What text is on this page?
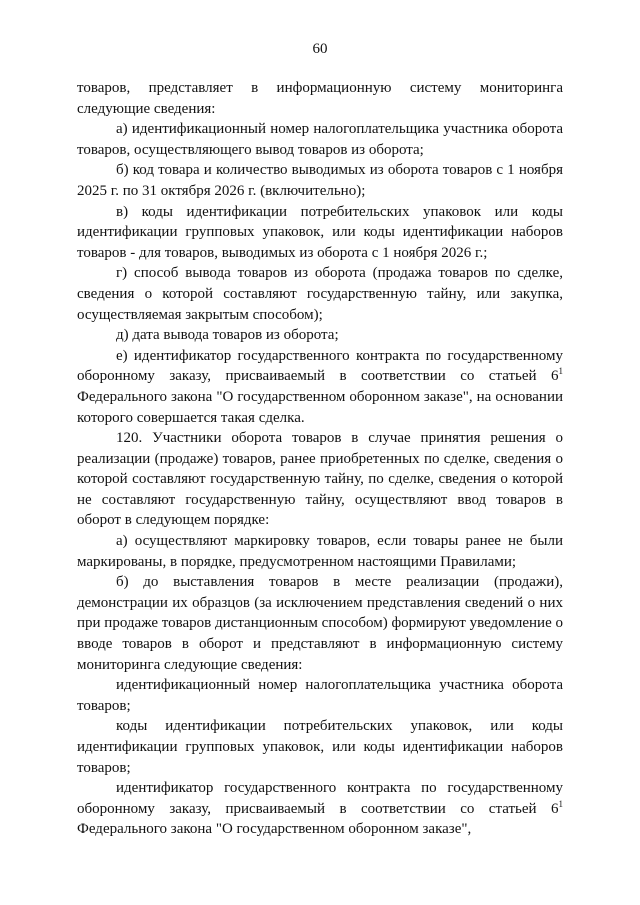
60

товаров, представляет в информационную систему мониторинга следующие сведения:

а) идентификационный номер налогоплательщика участника оборота товаров, осуществляющего вывод товаров из оборота;

б) код товара и количество выводимых из оборота товаров с 1 ноября 2025 г. по 31 октября 2026 г. (включительно);

в) коды идентификации потребительских упаковок или коды идентификации групповых упаковок, или коды идентификации наборов товаров - для товаров, выводимых из оборота с 1 ноября 2026 г.;

г) способ вывода товаров из оборота (продажа товаров по сделке, сведения о которой составляют государственную тайну, или закупка, осуществляемая закрытым способом);

д) дата вывода товаров из оборота;

е) идентификатор государственного контракта по государственному оборонному заказу, присваиваемый в соответствии со статьей $6^1$ Федерального закона "О государственном оборонном заказе", на основании которого совершается такая сделка.

120. Участники оборота товаров в случае принятия решения о реализации (продаже) товаров, ранее приобретенных по сделке, сведения о которой составляют государственную тайну, по сделке, сведения о которой не составляют государственную тайну, осуществляют ввод товаров в оборот в следующем порядке:

а) осуществляют маркировку товаров, если товары ранее не были маркированы, в порядке, предусмотренном настоящими Правилами;

б) до выставления товаров в месте реализации (продажи), демонстрации их образцов (за исключением представления сведений о них при продаже товаров дистанционным способом) формируют уведомление о вводе товаров в оборот и представляют в информационную систему мониторинга следующие сведения:

идентификационный номер налогоплательщика участника оборота товаров;

коды идентификации потребительских упаковок, или коды идентификации групповых упаковок, или коды идентификации наборов товаров;

идентификатор государственного контракта по государственному оборонному заказу, присваиваемый в соответствии со статьей $6^1$ Федерального закона "О государственном оборонном заказе",
